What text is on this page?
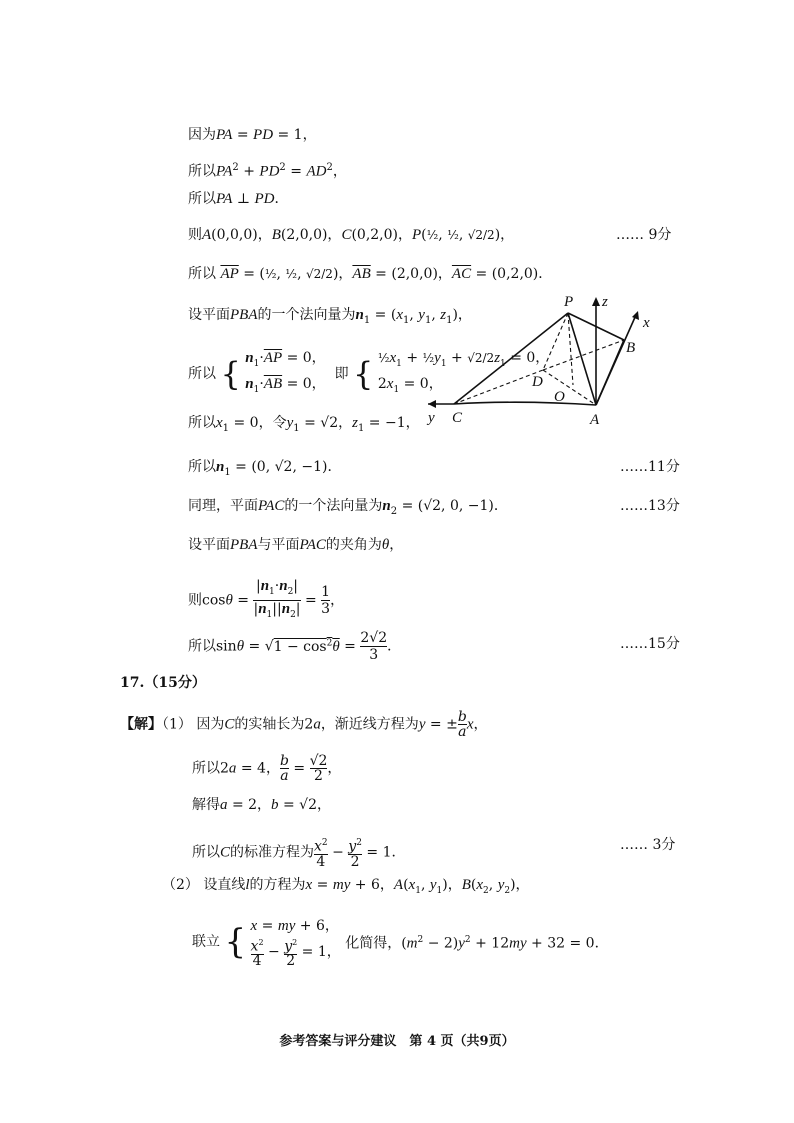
因为PA = PD = 1，
所以$PA^2 + PD^2 = AD^2$，
所以PA ⊥ PD．
则A(0,0,0)，B(2,0,0)，C(0,2,0)，P(½, ½, √2/2)，	…… 9分
所以 $\overline{AP}$ = (½, ½, √2/2)，$\overline{AB} = (2,0,0)$，$\overline{AC} = (0,2,0)$．
设平面PBA的一个法向量为$n_1 = (x_1$, $y_1$, $z_1$)，
所以 { $n_1\cdot\overline{AP} = 0$，
$n_1\cdot\overline{AB} = 0$，  即 { $\frac{1}{2}x_1$ + $\frac{1}{2}y_1 + √2/2z_1 = 0$，
$2x_1 = 0$，
所以$x_1 = 0$，令$y_1 = √2$，$z_1 = -1$，
所以$n_1 = (0$, √2, −1)．	……11分
同理，平面PAC的一个法向量为$n_2 = (√2$, 0, −1)．	……13分
设平面PBA与平面PAC的夹角为θ，
则$\cos\theta = \frac{|n_1\cdot n_2|}{|n_1||n_2|} = \frac{1}{3}$ ，
所以$\sin\theta = √1 - \cos^2\theta = \frac{2√2}{3}$ ．	……15分
17.（15分）
【解】（1） 因为C的实轴长为2a，渐近线方程为y = ± $\frac{b}{a}$ x，
所以2a = 4， $\frac{b}{a} = \frac{√2}{2}$ ，
解得a = 2，b = √2，
所以C的标准方程为 $\frac{x^2}{4} - \frac{y^2}{2} = 1$．	…… 3分
（2） 设直线l的方程为x = my + 6，$A(x_1$, $y_1$)，$B(x_2$, $y_2$)，
联立 { x = my + 6，

$\frac{x^2}{4} - \frac{y^2}{2} = 1$， 化简得，$(m^2 - 2)y^2 + 12my + 32 = 0$．
参考答案与评分建议　第 4 页（共9页）
P z
x
B
D
O
y C	A
